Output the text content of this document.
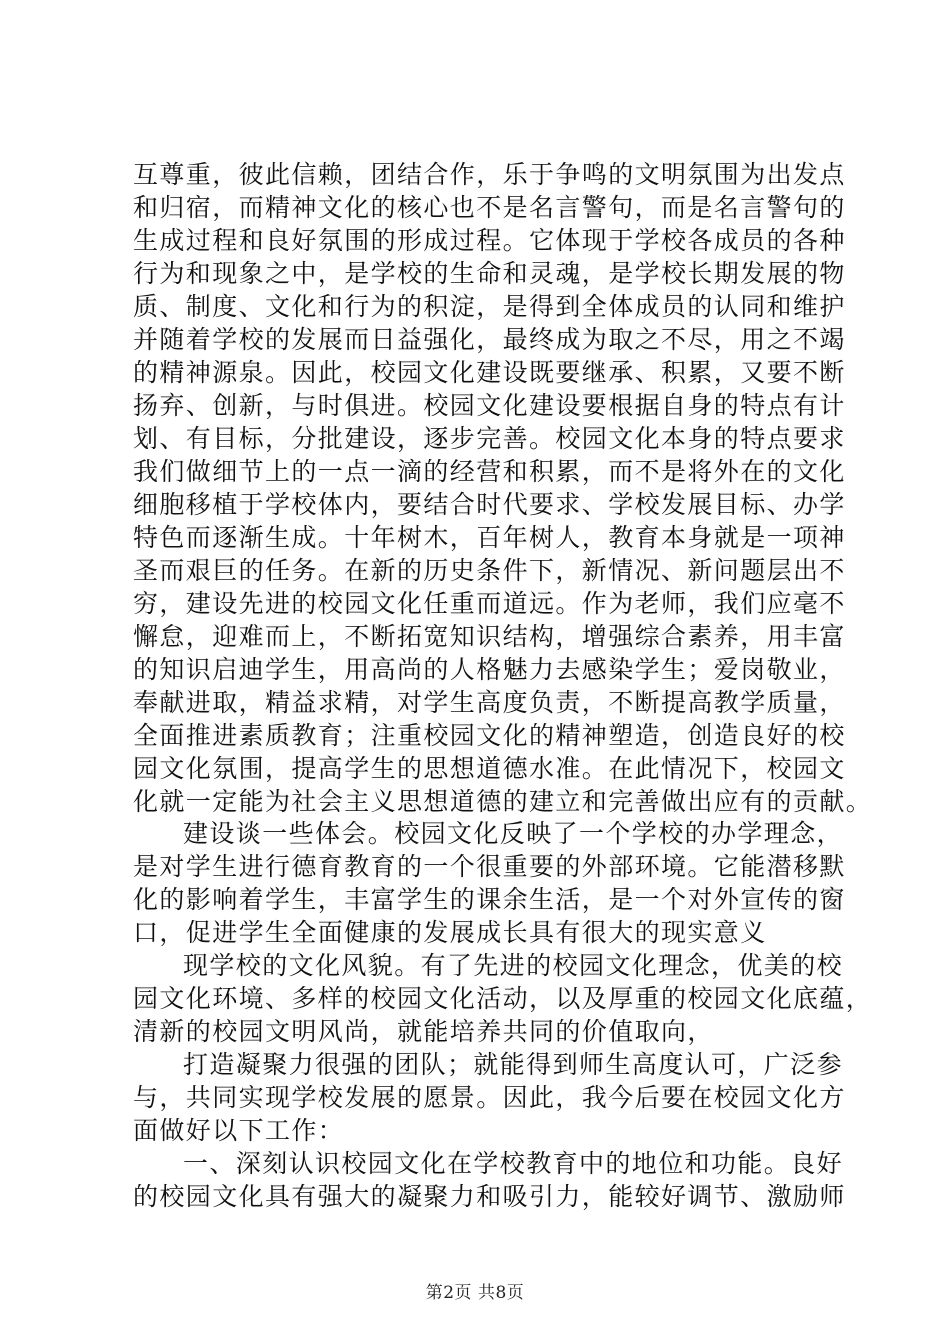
互尊重，彼此信赖，团结合作，乐于争鸣的文明氛围为出发点
和归宿，而精神文化的核心也不是名言警句，而是名言警句的
生成过程和良好氛围的形成过程。它体现于学校各成员的各种
行为和现象之中，是学校的生命和灵魂，是学校长期发展的物
质、制度、文化和行为的积淀，是得到全体成员的认同和维护
并随着学校的发展而日益强化，最终成为取之不尽，用之不竭
的精神源泉。因此，校园文化建设既要继承、积累，又要不断
扬弃、创新，与时俱进。校园文化建设要根据自身的特点有计
划、有目标，分批建设，逐步完善。校园文化本身的特点要求
我们做细节上的一点一滴的经营和积累，而不是将外在的文化
细胞移植于学校体内，要结合时代要求、学校发展目标、办学
特色而逐渐生成。十年树木，百年树人，教育本身就是一项神
圣而艰巨的任务。在新的历史条件下，新情况、新问题层出不
穷，建设先进的校园文化任重而道远。作为老师，我们应毫不
懈怠，迎难而上，不断拓宽知识结构，增强综合素养，用丰富
的知识启迪学生，用高尚的人格魅力去感染学生；爱岗敬业，
奉献进取，精益求精，对学生高度负责，不断提高教学质量，
全面推进素质教育；注重校园文化的精神塑造，创造良好的校
园文化氛围，提高学生的思想道德水准。在此情况下，校园文
化就一定能为社会主义思想道德的建立和完善做出应有的贡献。
建设谈一些体会。校园文化反映了一个学校的办学理念，
是对学生进行德育教育的一个很重要的外部环境。它能潜移默
化的影响着学生，丰富学生的课余生活，是一个对外宣传的窗
口，促进学生全面健康的发展成长具有很大的现实意义
现学校的文化风貌。有了先进的校园文化理念，优美的校
园文化环境、多样的校园文化活动，以及厚重的校园文化底蕴，
清新的校园文明风尚，就能培养共同的价值取向，
打造凝聚力很强的团队；就能得到师生高度认可，广泛参
与，共同实现学校发展的愿景。因此，我今后要在校园文化方
面做好以下工作：
一、深刻认识校园文化在学校教育中的地位和功能。良好
的校园文化具有强大的凝聚力和吸引力，能较好调节、激励师
第2页 共8页
